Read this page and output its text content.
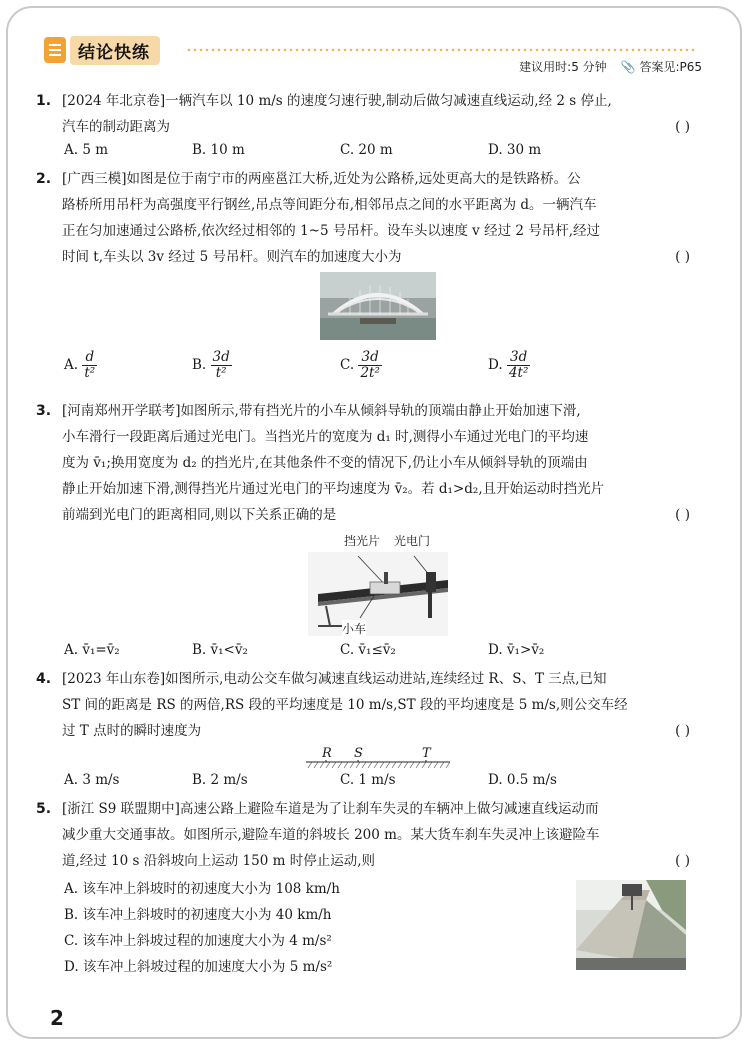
结论快练
建议用时:5 分钟 📎 答案见:P65
1. [2024 年北京卷]一辆汽车以 10 m/s 的速度匀速行驶,制动后做匀减速直线运动,经 2 s 停止,
汽车的制动距离为	( )
A. 5 m	B. 10 m	C. 20 m	D. 30 m
2. [广西三模]如图是位于南宁市的两座邕江大桥,近处为公路桥,远处更高大的是铁路桥。公
路桥所用吊杆为高强度平行钢丝,吊点等间距分布,相邻吊点之间的水平距离为 d。一辆汽车
正在匀加速通过公路桥,依次经过相邻的 1~5 号吊杆。设车头以速度 v 经过 2 号吊杆,经过
时间 t,车头以 3v 经过 5 号吊杆。则汽车的加速度大小为	( )
A. $\frac{d}{\text{t²}}$	B. $\frac{3d}{\text{t²}}$	C. $\frac{3d}{\text{2t²}}$	D. $\frac{3d}{\text{4t²}}$
3. [河南郑州开学联考]如图所示,带有挡光片的小车从倾斜导轨的顶端由静止开始加速下滑,
小车滑行一段距离后通过光电门。当挡光片的宽度为 d₁ 时,测得小车通过光电门的平均速
度为 v̄₁;换用宽度为 d₂ 的挡光片,在其他条件不变的情况下,仍让小车从倾斜导轨的顶端由
静止开始加速下滑,测得挡光片通过光电门的平均速度为 v̄₂。若 d₁>d₂,且开始运动时挡光片
前端到光电门的距离相同,则以下关系正确的是	( )
挡光片 光电门
小车
A. v̄₁=v̄₂	B. v̄₁<v̄₂	C. v̄₁≤v̄₂	D. v̄₁>v̄₂
4. [2023 年山东卷]如图所示,电动公交车做匀减速直线运动进站,连续经过 R、S、T 三点,已知
ST 间的距离是 RS 的两倍,RS 段的平均速度是 10 m/s,ST 段的平均速度是 5 m/s,则公交车经
过 T 点时的瞬时速度为	( )
R S	T
A. 3 m/s	B. 2 m/s	C. 1 m/s	D. 0.5 m/s
5. [浙江 S9 联盟期中]高速公路上避险车道是为了让刹车失灵的车辆冲上做匀减速直线运动而
减少重大交通事故。如图所示,避险车道的斜坡长 200 m。某大货车刹车失灵冲上该避险车
道,经过 10 s 沿斜坡向上运动 150 m 时停止运动,则	( )
A. 该车冲上斜坡时的初速度大小为 108 km/h
B. 该车冲上斜坡时的初速度大小为 40 km/h
C. 该车冲上斜坡过程的加速度大小为 4 m/s²
D. 该车冲上斜坡过程的加速度大小为 5 m/s²
2
